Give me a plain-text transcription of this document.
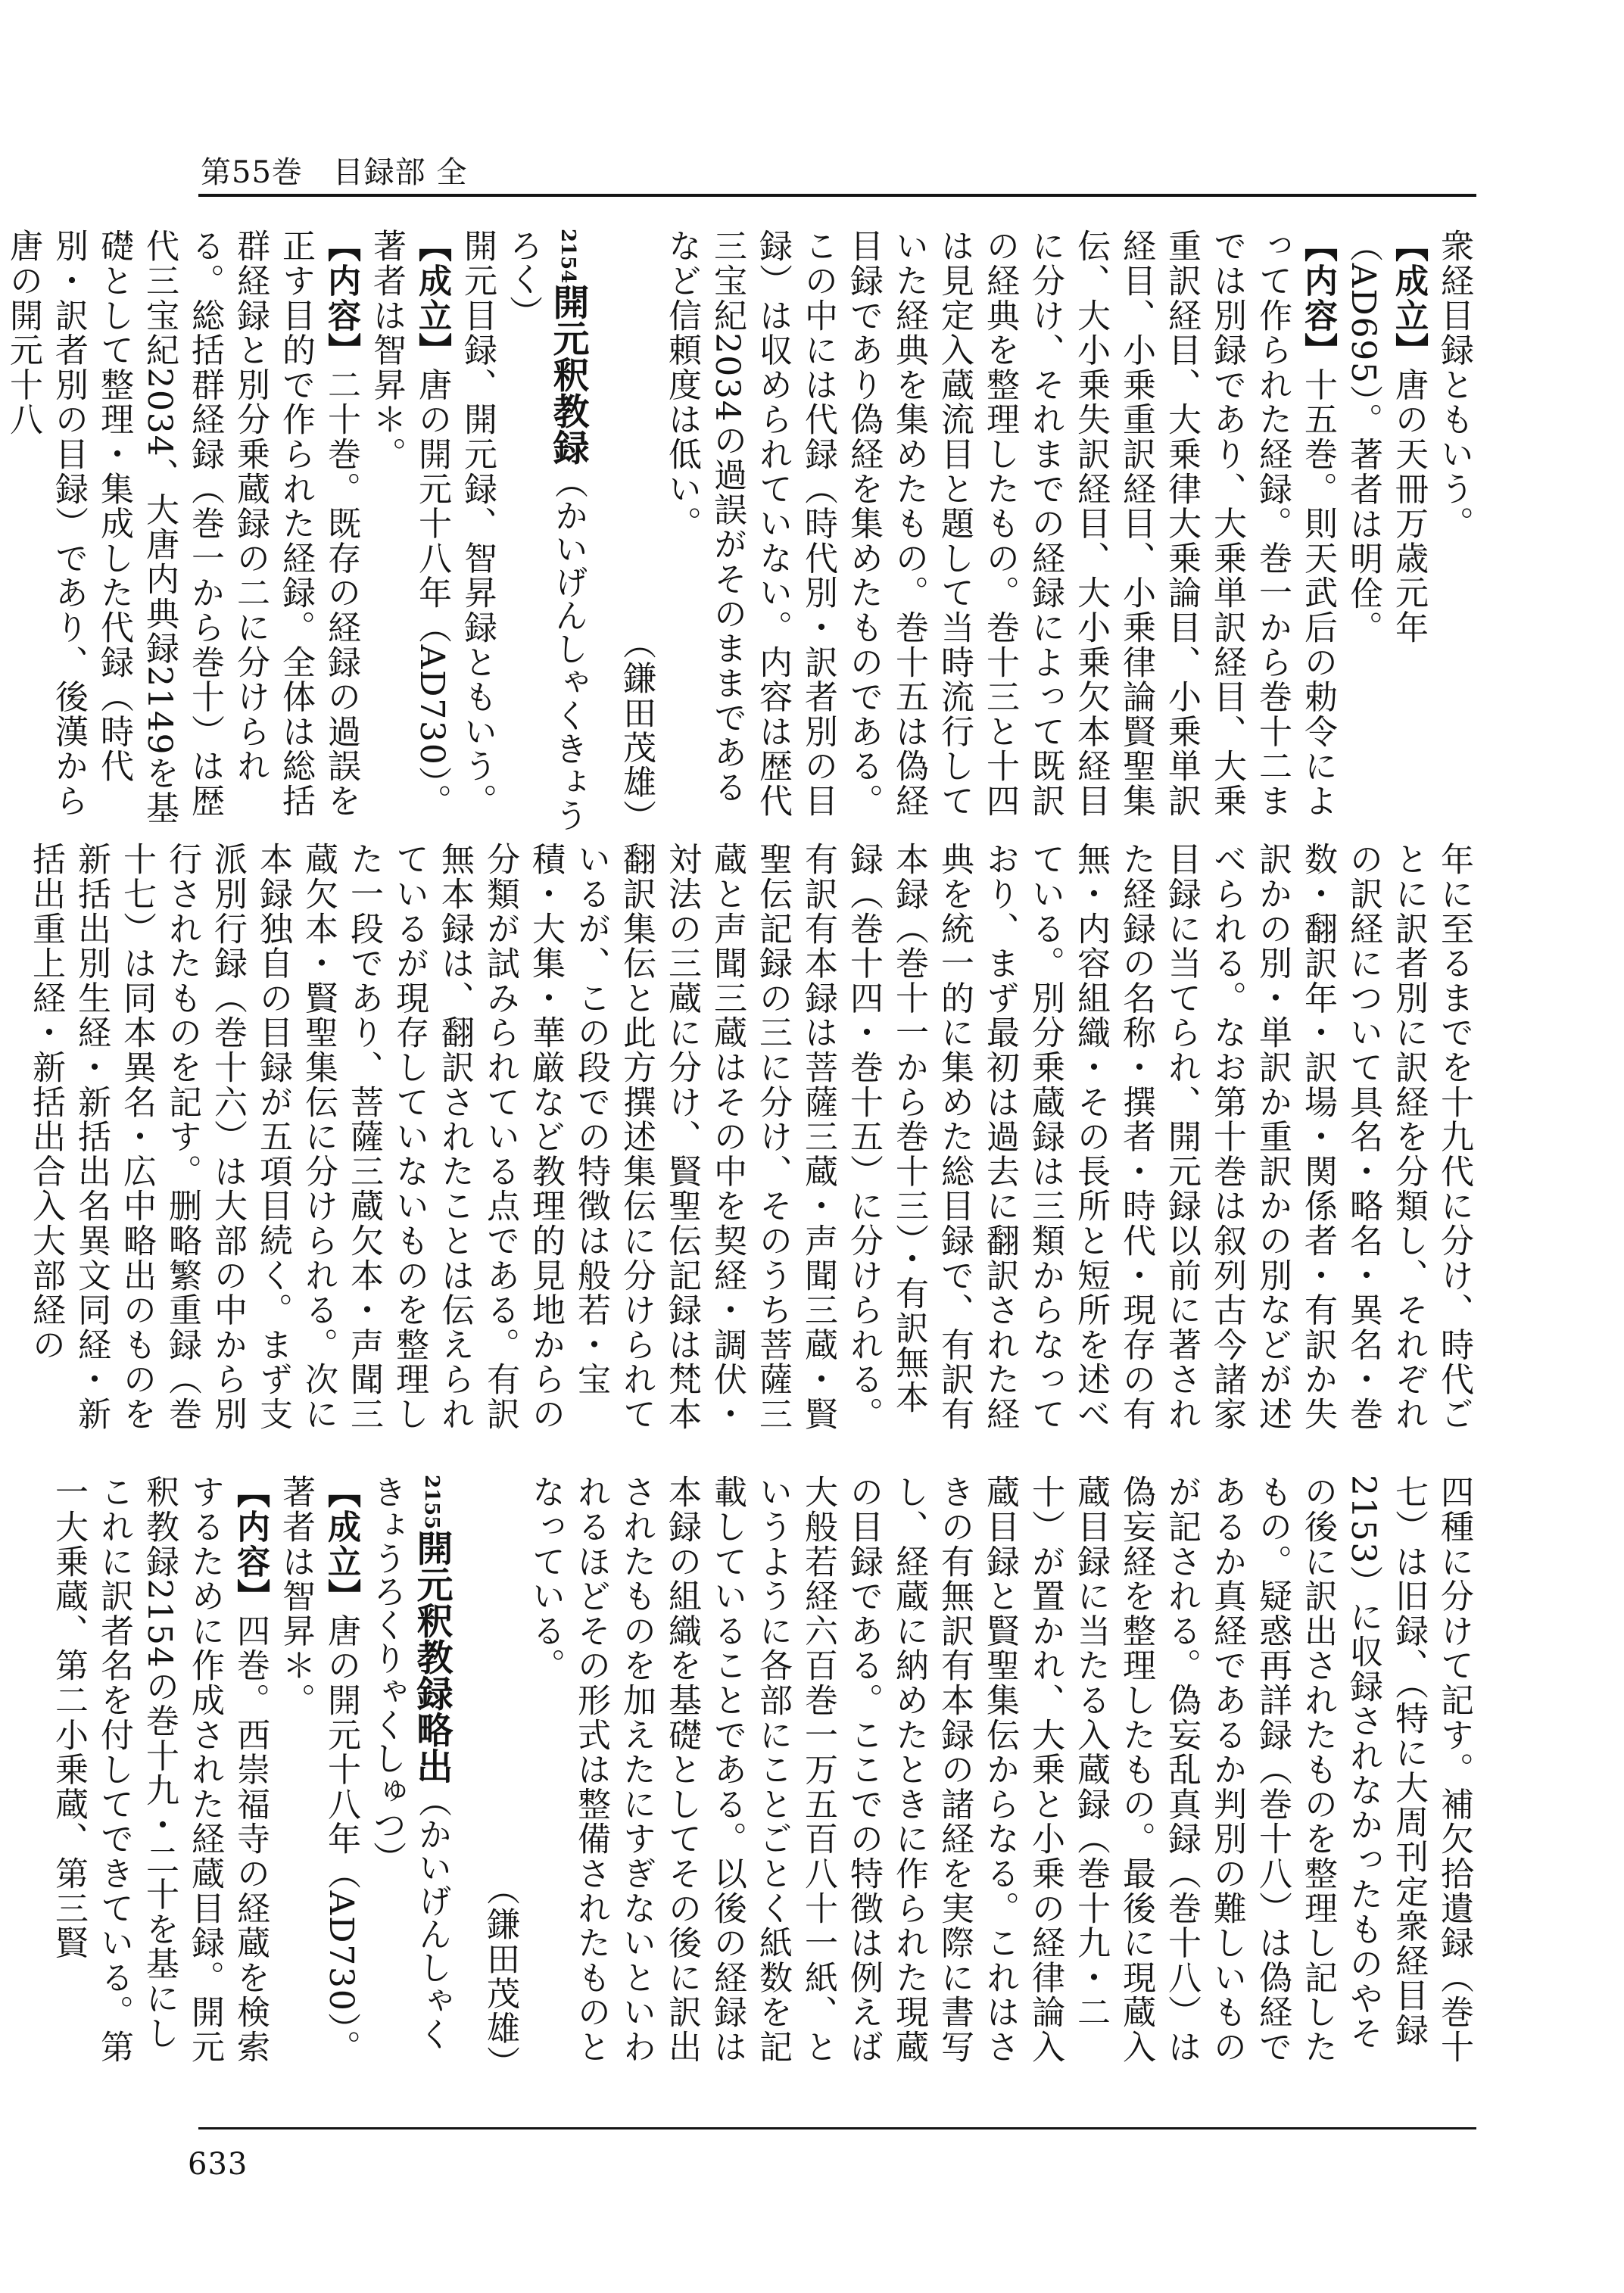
第55巻 目録部 全
衆経目録ともいう。
【成立】唐の天冊万歳元年（AD695）。著者は明佺。
【内容】十五巻。則天武后の勅令によって作られた経録。巻一から巻十二までは別録であり、大乗単訳経目、大乗重訳経目、大乗律大乗論目、小乗単訳経目、小乗重訳経目、小乗律論賢聖集伝、大小乗失訳経目、大小乗欠本経目に分け、それまでの経録によって既訳の経典を整理したもの。巻十三と十四は見定入蔵流目と題して当時流行していた経典を集めたもの。巻十五は偽経目録であり偽経を集めたものである。この中には代録（時代別・訳者別の目録）は収められていない。内容は歴代三宝紀2034の過誤がそのままであるなど信頼度は低い。
（鎌田茂雄）
2154開元釈教録（かいげんしゃくきょうろく）
開元目録、開元録、智昇録ともいう。
【成立】唐の開元十八年（AD730）。著者は智昇＊。
【内容】二十巻。既存の経録の過誤を正す目的で作られた経録。全体は総括群経録と別分乗蔵録の二に分けられる。総括群経録（巻一から巻十）は歴代三宝紀2034、大唐内典録2149を基礎として整理・集成した代録（時代別・訳者別の目録）であり、後漢から唐の開元十八
年に至るまでを十九代に分け、時代ごとに訳者別に訳経を分類し、それぞれの訳経について具名・略名・異名・巻数・翻訳年・訳場・関係者・有訳か失訳かの別・単訳か重訳かの別などが述べられる。なお第十巻は叙列古今諸家目録に当てられ、開元録以前に著された経録の名称・撰者・時代・現存の有無・内容組織・その長所と短所を述べている。別分乗蔵録は三類からなっており、まず最初は過去に翻訳された経典を統一的に集めた総目録で、有訳有本録（巻十一から巻十三）・有訳無本録（巻十四・巻十五）に分けられる。有訳有本録は菩薩三蔵・声聞三蔵・賢聖伝記録の三に分け、そのうち菩薩三蔵と声聞三蔵はその中を契経・調伏・対法の三蔵に分け、賢聖伝記録は梵本翻訳集伝と此方撰述集伝に分けられているが、この段での特徴は般若・宝積・大集・華厳など教理的見地からの分類が試みられている点である。有訳無本録は、翻訳されたことは伝えられているが現存していないものを整理した一段であり、菩薩三蔵欠本・声聞三蔵欠本・賢聖集伝に分けられる。次に本録独自の目録が五項目続く。まず支派別行録（巻十六）は大部の中から別行されたものを記す。删略繁重録（巻十七）は同本異名・広中略出のものを新括出別生経・新括出名異文同経・新括出重上経・新括出合入大部経の
四種に分けて記す。補欠拾遺録（巻十七）は旧録、（特に大周刊定衆経目録2153）に収録されなかったものやその後に訳出されたものを整理し記したもの。疑惑再詳録（巻十八）は偽経であるか真経であるか判別の難しいものが記される。偽妄乱真録（巻十八）は偽妄経を整理したもの。最後に現蔵入蔵目録に当たる入蔵録（巻十九・二十）が置かれ、大乗と小乗の経律論入蔵目録と賢聖集伝からなる。これはさきの有無訳有本録の諸経を実際に書写し、経蔵に納めたときに作られた現蔵の目録である。ここでの特徴は例えば大般若経六百巻一万五百八十一紙、というように各部にことごとく紙数を記載していることである。以後の経録は本録の組織を基礎としてその後に訳出されたものを加えたにすぎないといわれるほどその形式は整備されたものとなっている。
（鎌田茂雄）
2155開元釈教録略出（かいげんしゃくきょうろくりゃくしゅつ）
【成立】唐の開元十八年（AD730）。著者は智昇＊。
【内容】四巻。西崇福寺の経蔵を検索するために作成された経蔵目録。開元釈教録2154の巻十九・二十を基にしこれに訳者名を付してできている。第一大乗蔵、第二小乗蔵、第三賢
633
